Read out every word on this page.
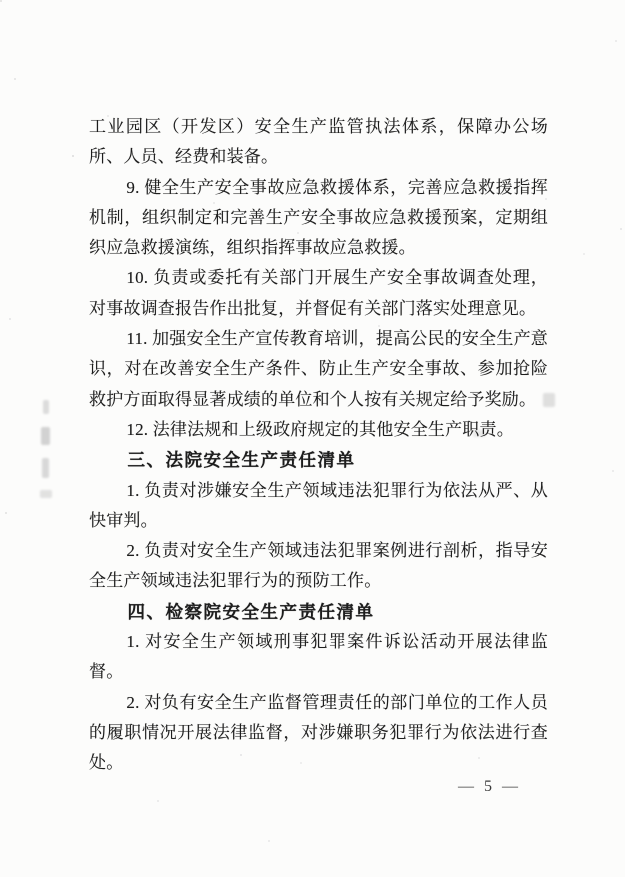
工业园区（开发区）安全生产监管执法体系，保障办公场所、人员、经费和装备。

9. 健全生产安全事故应急救援体系，完善应急救援指挥机制，组织制定和完善生产安全事故应急救援预案，定期组织应急救援演练，组织指挥事故应急救援。

10. 负责或委托有关部门开展生产安全事故调查处理，对事故调查报告作出批复，并督促有关部门落实处理意见。

11. 加强安全生产宣传教育培训，提高公民的安全生产意识，对在改善安全生产条件、防止生产安全事故、参加抢险救护方面取得显著成绩的单位和个人按有关规定给予奖励。

12. 法律法规和上级政府规定的其他安全生产职责。

三、法院安全生产责任清单

1. 负责对涉嫌安全生产领域违法犯罪行为依法从严、从快审判。

2. 负责对安全生产领域违法犯罪案例进行剖析，指导安全生产领域违法犯罪行为的预防工作。

四、检察院安全生产责任清单

1. 对安全生产领域刑事犯罪案件诉讼活动开展法律监督。

2. 对负有安全生产监督管理责任的部门单位的工作人员的履职情况开展法律监督，对涉嫌职务犯罪行为依法进行查处。

— 5 —
